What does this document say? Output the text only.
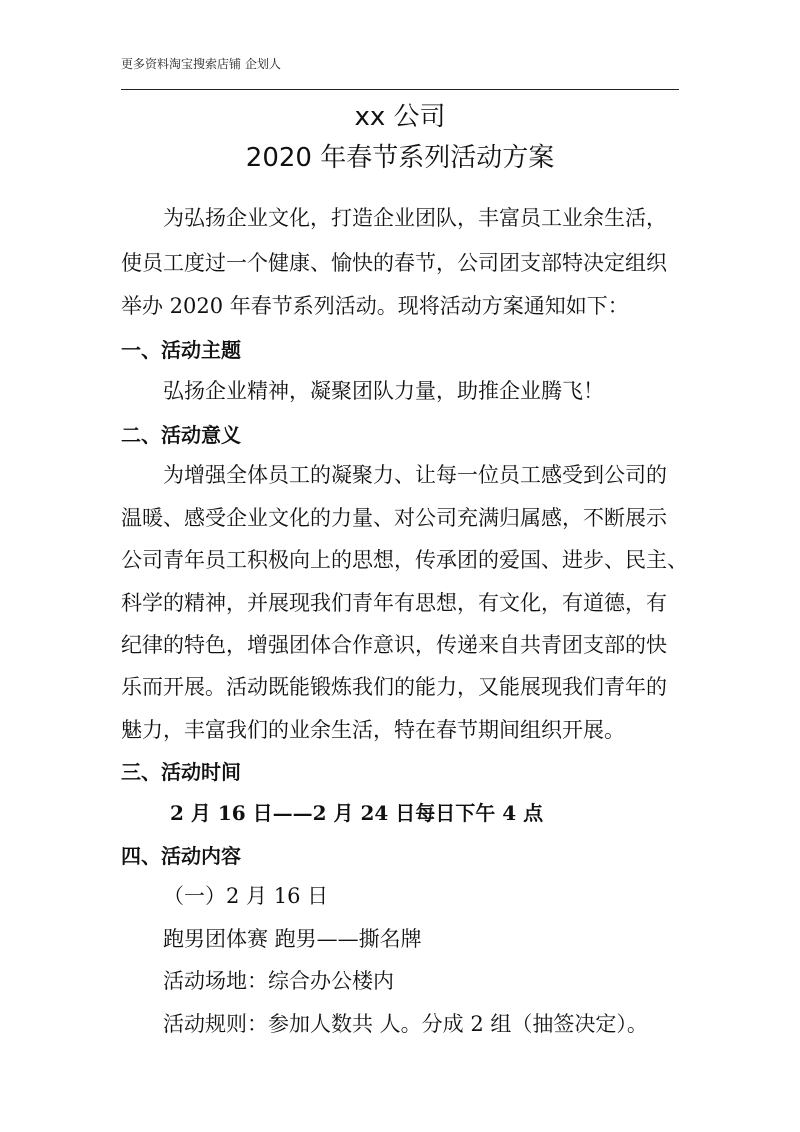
更多资料淘宝搜索店铺 企划人
xx 公司
2020 年春节系列活动方案
为弘扬企业文化，打造企业团队，丰富员工业余生活，
使员工度过一个健康、愉快的春节，公司团支部特决定组织
举办 2020 年春节系列活动。现将活动方案通知如下：
一、活动主题
弘扬企业精神，凝聚团队力量，助推企业腾飞！
二、活动意义
为增强全体员工的凝聚力、让每一位员工感受到公司的
温暖、感受企业文化的力量、对公司充满归属感，不断展示
公司青年员工积极向上的思想，传承团的爱国、进步、民主、
科学的精神，并展现我们青年有思想，有文化，有道德，有
纪律的特色，增强团体合作意识，传递来自共青团支部的快
乐而开展。活动既能锻炼我们的能力，又能展现我们青年的
魅力，丰富我们的业余生活，特在春节期间组织开展。
三、活动时间
2 月 16 日——2 月 24 日每日下午 4 点
四、活动内容
（一）2 月 16 日
跑男团体赛 跑男——撕名牌
活动场地：综合办公楼内
活动规则：参加人数共 人。分成 2 组（抽签决定）。
